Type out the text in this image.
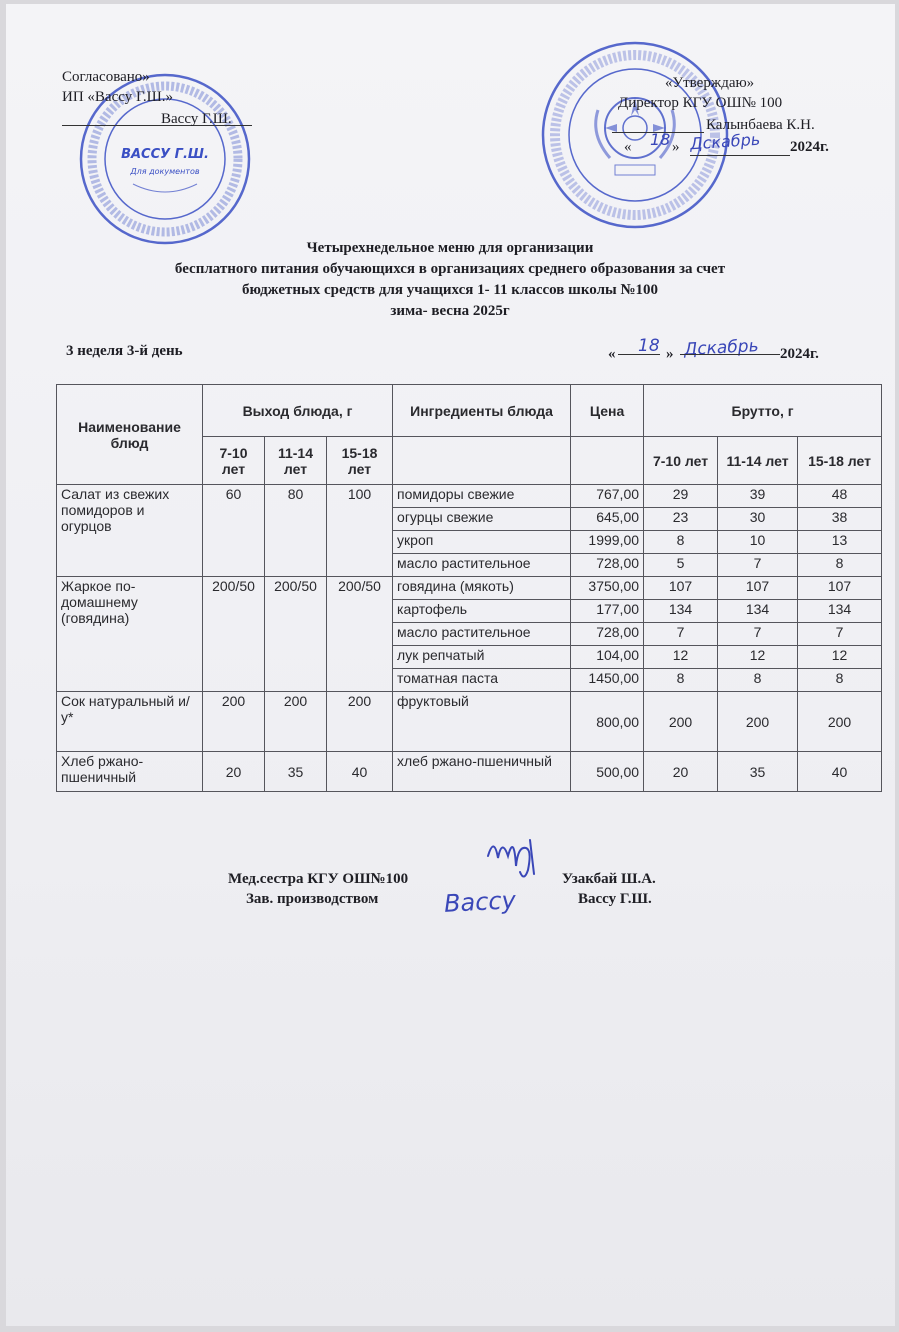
ВАССУ Г.Ш.
Для документов
Согласовано»
ИП «Вассу Г.Ш.»
Вассу Г.Ш.
«Утверждаю»
Директор КГУ ОШ№ 100
Калынбаева К.Н.
« 18 » Дскабрь 2024г.
Четырехнедельное меню для организации
бесплатного питания обучающихся в организациях среднего образования за счет
бюджетных средств для учащихся 1- 11 классов школы №100
зима- весна 2025г
3 неделя 3-й день	« 18 » Дскабрь 2024г.
Наименование блюд	Выход блюда, г			Ингредиенты блюда	Цена	Брутто, г		
	7-10 лет	11-14 лет	15-18 лет			7-10 лет	11-14 лет	15-18 лет
Салат из свежих помидоров и огурцов	60	80	100	помидоры свежие	767,00	29	39	48
				огурцы свежие	645,00	23	30	38
				укроп	1999,00	8	10	13
				масло растительное	728,00	5	7	8
Жаркое по-домашнему (говядина)	200/50	200/50	200/50	говядина (мякоть)	3750,00	107	107	107
				картофель	177,00	134	134	134
				масло растительное	728,00	7	7	7
				лук репчатый	104,00	12	12	12
				томатная паста	1450,00	8	8	8
Сок натуральный и/у*	200	200	200	фруктовый	800,00	200	200	200
Хлеб ржано-пшеничный	20	35	40	хлеб ржано-пшеничный	500,00	20	35	40
Мед.сестра КГУ ОШ№100	Узакбай Ш.А.
Зав. производством	Вассу	Вассу Г.Ш.
